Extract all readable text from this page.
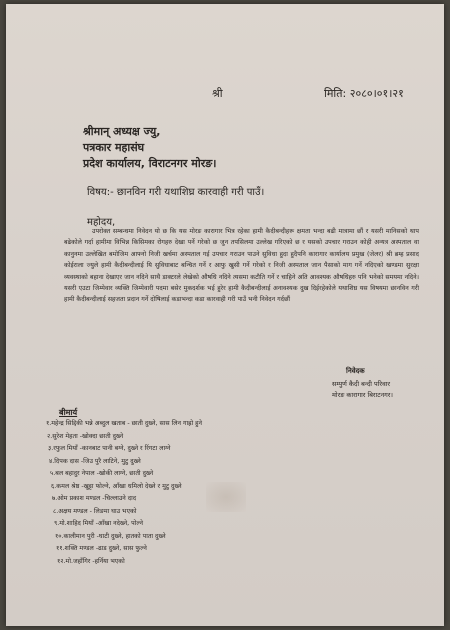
श्री	मिति: २०८०।०१।२१
श्रीमान् अध्यक्ष ज्यु,
पत्रकार महासंघ
प्रदेश कार्यालय, विराटनगर मोरङ।
विषय:- छानविन गरी यथाशिघ्र कारवाही गरी पाउँ।
महोदय,
उपरोक्त सम्बन्धमा निवेदन यो छ कि यस मोरङ कारागार भित्र रहेका हामी कैदीबन्दीहरू क्षमता भन्दा बढी मात्रामा छौं र यसरी मानिसको थाप बढेकोले गर्दा हामीमा विभिन्न किसिमका रोगहरु देखा पर्ने गरेको छ जुन तपसिलमा उल्लेख गरिएको छ र यसको उपचार गराउन कोही अन्यत्र अस्पताल वा कानुनमा उल्लेखित बमोजिम आफ्नो निजी खर्चमा अस्पताल गई उपचार गराउन पाउने सुविधा हुदा हुदैपनि कारागार कार्यालय प्रमुख (जेलर) श्री ब्रम्ह प्रसाद कोईराला ज्युले हामी कैदीबन्दीलाई यि सुविधाबाट बन्चित गर्ने र आफु खुसी गर्ने गरेको र निजी अस्पताल जान पैसाको माग गर्ने नदिएको खण्डमा सुरक्षा व्यवस्थाको बहाना देखाएर जान नदिने साथै डाक्टरले लेखेको औषधि नदिने त्यसमा कटौति गर्ने र चाहिने अति आवश्यक औषधिहरु पनि भनेको समयमा नदिने। यसरी एउटा जिम्मेवार व्यक्ति जिम्मेवारी पदमा बसेर मुकदर्शक भई हुरेर हामी कैदीबन्दीलाई अनावश्यक दुख दिईरहेकोले यथाशिघ्र यस विषयमा छानविन गरी हामी कैदीबन्दीलाई सहजता प्रदान गर्ने दोषिलाई कडाभन्दा कडा कारवाही गरी पाउँ भनी निवेदन गर्दछौं
निवेदक
सम्पुर्ण कैदी बन्दी परिवार
मोरङ कारागार बिराटनगर।
बीमार्य
१.महेन्द्र सिद्दिकी भन्ने अब्दुल खताब - छाती दुख्ने, सास लिन गाह्रो हुने
२.सुरेश मेहता -खोक्दा छाती दुख्ने
३.रफुल मियाँ -कानबाट पानी बग्ने, दुख्ने र रिंगटा लाग्ने
४.दिपक दास -जिउ पुरै लाटिने, मुटु दुख्ने
५.बल बहादुर नेपाल -खोकी लाग्ने, छाती दुख्ने
६.कमल श्रेष्ठ -खुट्टा फोल्ने, आँखा धमिलो देख्ने र मुटु दुख्ने
७.ओम प्रकाश मण्डल -चिल्लाउने दाद
८.अक्षय मण्डल - लिङमा घाउ भएको
९.मो.शाहिद मियाँ -आँखा नदेख्ने, पोल्ने
१०.कालीमान पुरी -घाटी दुख्ने, हातको पाता दुख्ने
११.शक्ति मण्डल -ढाड दुख्ने, सास फुल्ने
१२.मो.जहाँगिर -हर्निया भएको
